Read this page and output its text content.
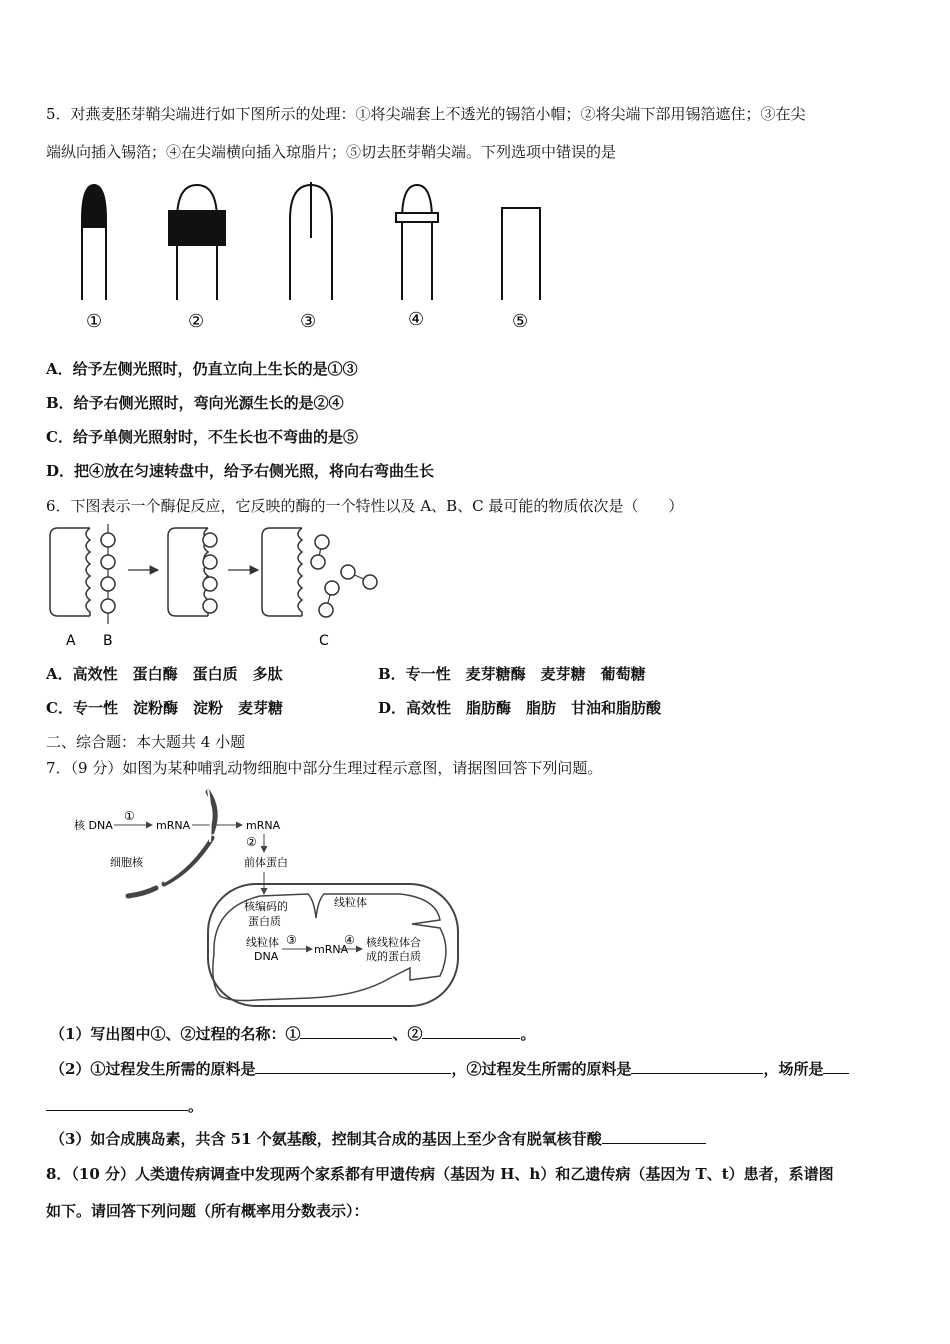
5．对燕麦胚芽鞘尖端进行如下图所示的处理：①将尖端套上不透光的锡箔小帽；②将尖端下部用锡箔遮住；③在尖
端纵向插入锡箔；④在尖端横向插入琼脂片；⑤切去胚芽鞘尖端。下列选项中错误的是
①	②	③	④	⑤
A．给予左侧光照时，仍直立向上生长的是①③
B．给予右侧光照时，弯向光源生长的是②④
C．给予单侧光照射时，不生长也不弯曲的是⑤
D．把④放在匀速转盘中，给予右侧光照，将向右弯曲生长
6．下图表示一个酶促反应，它反映的酶的一个特性以及 A、B、C 最可能的物质依次是（　　）
A B	C
A．高效性　蛋白酶　蛋白质　多肽	B．专一性　麦芽糖酶　麦芽糖　葡萄糖
C．专一性　淀粉酶　淀粉　麦芽糖	D．高效性　脂肪酶　脂肪　甘油和脂肪酸
二、综合题：本大题共 4 小题
7．（9 分）如图为某种哺乳动物细胞中部分生理过程示意图，请据图回答下列问题。
核 DNA
①
mRNA	mRNA
②
前体蛋白
细胞核
核编码的
蛋白质
线粒体
线粒体
DNA
③
mRNA
④ 核线粒体合
成的蛋白质
（1）写出图中①、②过程的名称：①	、②	。
（2）①过程发生所需的原料是	，②过程发生所需的原料是	，场所是
。
（3）如合成胰岛素，共含 51 个氨基酸，控制其合成的基因上至少含有脱氧核苷酸
8．（10 分）人类遗传病调查中发现两个家系都有甲遗传病（基因为 H、h）和乙遗传病（基因为 T、t）患者，系谱图
如下。请回答下列问题（所有概率用分数表示）：
